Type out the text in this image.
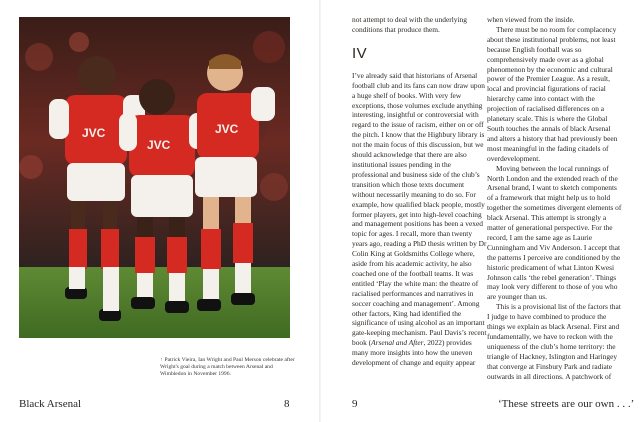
JVC
JVC
JVC
↑ Patrick Vieira, Ian Wright and Paul Merson celebrate after Wright's goal during a match between Arsenal and Wimbledon in November 1996.
Black Arsenal	8

not attempt to deal with the underlying conditions that produce them.

IV

I’ve already said that historians of Arsenal football club and its fans can now draw upon a huge shelf of books. With very few exceptions, those volumes exclude anything interesting, insightful or controversial with regard to the issue of racism, either on or off the pitch. I know that the Highbury library is not the main focus of this discussion, but we should acknowledge that there are also institutional issues pending in the professional and business side of the club’s transition which those texts document without necessarily meaning to do so. For example, how qualified black people, mostly former players, get into high-level coaching and management positions has been a vexed topic for ages. I recall, more than twenty years ago, reading a PhD thesis written by Dr Colin King at Goldsmiths College where, aside from his academic activity, he also coached one of the football teams. It was entitled ‘Play the white man: the theatre of racialised performances and narratives in soccer coaching and management’. Among other factors, King had identified the significance of using alcohol as an important gate-keeping mechanism. Paul Davis’s recent book (Arsenal and After, 2022) provides many more insights into how the uneven development of change and equity appear

when viewed from the inside.

There must be no room for complacency about these institutional problems, not least because English football was so comprehensively made over as a global phenomenon by the economic and cultural power of the Premier League. As a result, local and provincial figurations of racial hierarchy came into contact with the projection of racialised differences on a planetary scale. This is where the Global South touches the annals of black Arsenal and alters a history that had previously been most meaningful in the fading citadels of overdevelopment.

Moving between the local runnings of North London and the extended reach of the Arsenal brand, I want to sketch components of a framework that might help us to hold together the sometimes divergent elements of black Arsenal. This attempt is strongly a matter of generational perspective. For the record, I am the same age as Laurie Cunningham and Viv Anderson. I accept that the patterns I perceive are conditioned by the historic predicament of what Linton Kwesi Johnson calls ‘the rebel generation’. Things may look very different to those of you who are younger than us.

This is a provisional list of the factors that I judge to have combined to produce the things we explain as black Arsenal. First and fundamentally, we have to reckon with the uniqueness of the club’s home territory: the triangle of Hackney, Islington and Haringey that converge at Finsbury Park and radiate outwards in all directions. A patchwork of

9	‘These streets are our own . . .’
